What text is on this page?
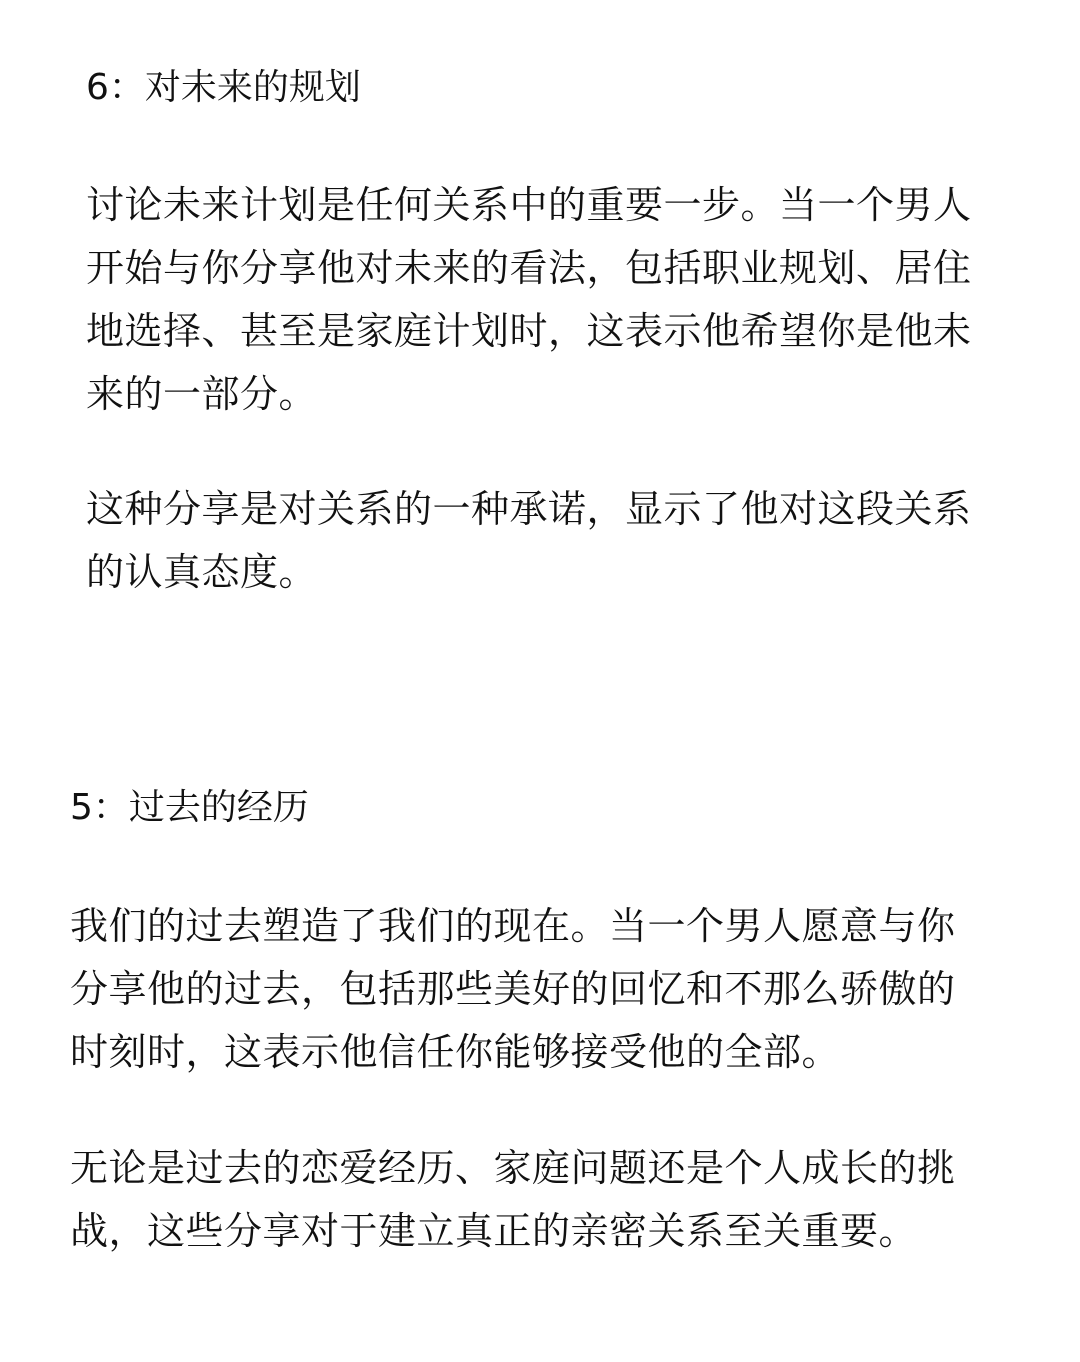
6：对未来的规划

讨论未来计划是任何关系中的重要一步。当一个男人
开始与你分享他对未来的看法，包括职业规划、居住
地选择、甚至是家庭计划时，这表示他希望你是他未
来的一部分。

这种分享是对关系的一种承诺，显示了他对这段关系
的认真态度。

5：过去的经历

我们的过去塑造了我们的现在。当一个男人愿意与你
分享他的过去，包括那些美好的回忆和不那么骄傲的
时刻时，这表示他信任你能够接受他的全部。

无论是过去的恋爱经历、家庭问题还是个人成长的挑
战，这些分享对于建立真正的亲密关系至关重要。
